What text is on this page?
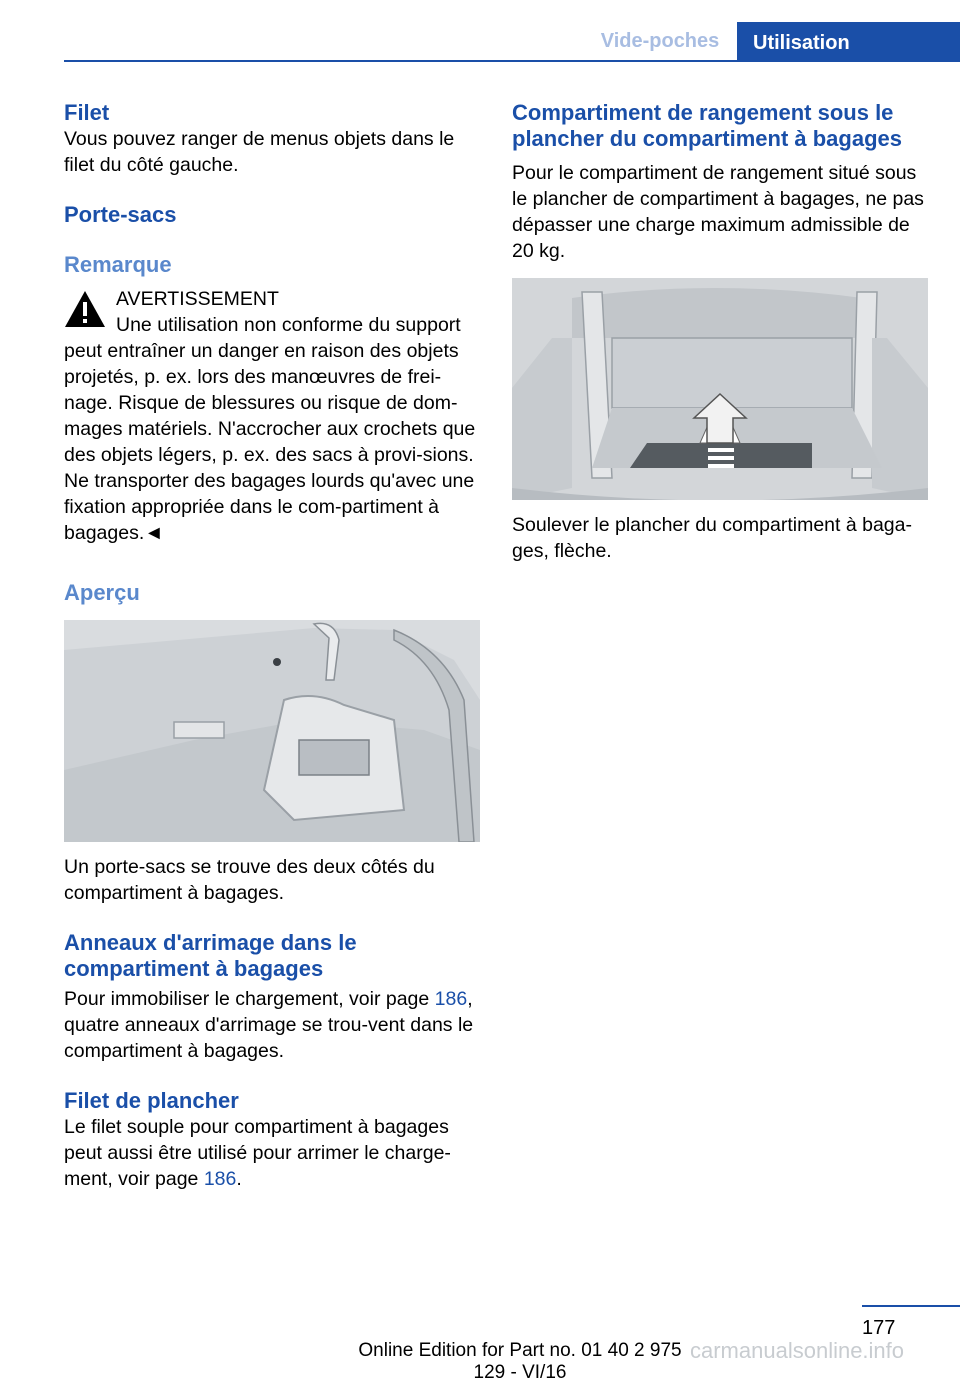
Vide-poches	Utilisation
Filet

Vous pouvez ranger de menus objets dans le filet du côté gauche.

Porte-sacs
Remarque
AVERTISSEMENT

Une utilisation non conforme du support peut entraîner un danger en raison des objets projetés, p. ex. lors des manœuvres de frei-nage. Risque de blessures ou risque de dom-mages matériels. N'accrocher aux crochets que des objets légers, p. ex. des sacs à provi-sions. Ne transporter des bagages lourds qu'avec une fixation appropriée dans le com-partiment à bagages.◄

Aperçu

Un porte-sacs se trouve des deux côtés du compartiment à bagages.

Anneaux d'arrimage dans le compartiment à bagages

Pour immobiliser le chargement, voir page 186, quatre anneaux d'arrimage se trou-vent dans le compartiment à bagages.

Filet de plancher

Le filet souple pour compartiment à bagages peut aussi être utilisé pour arrimer le charge-ment, voir page 186.

Compartiment de rangement sous le plancher du compartiment à bagages

Pour le compartiment de rangement situé sous le plancher de compartiment à bagages, ne pas dépasser une charge maximum admissible de 20 kg.

Soulever le plancher du compartiment à baga-ges, flèche.

177
Online Edition for Part no. 01 40 2 975 129 - VI/16
carmanualsonline.info
